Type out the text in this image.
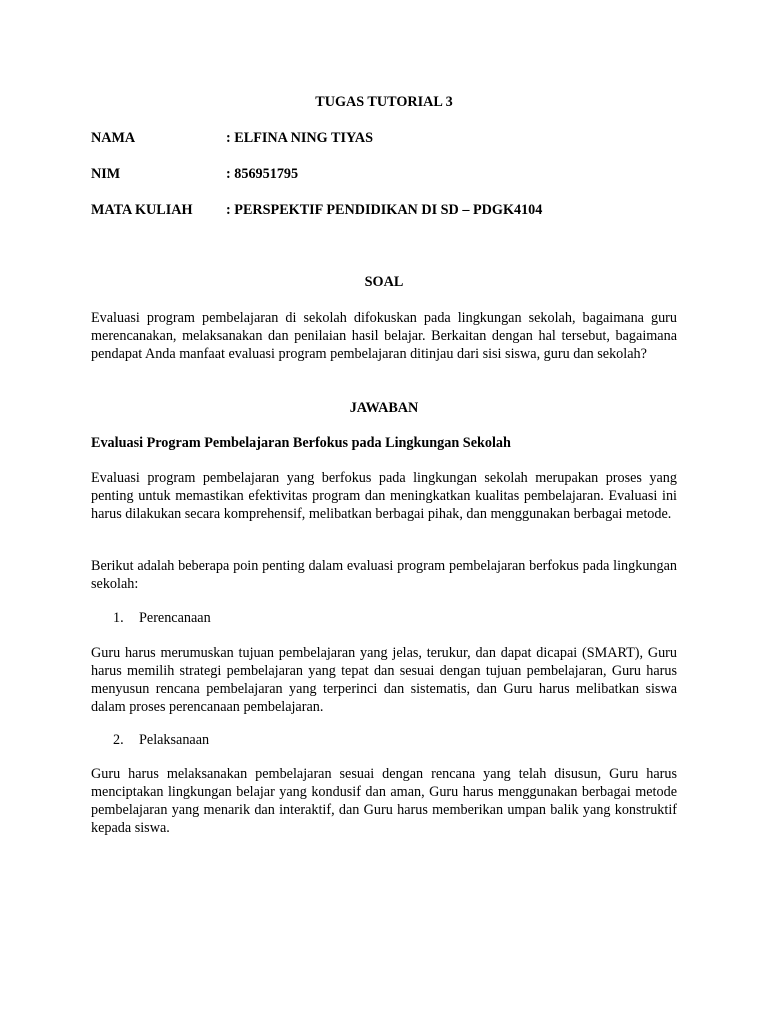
TUGAS TUTORIAL 3
NAMA	: ELFINA NING TIYAS
NIM	: 856951795
MATA KULIAH : PERSPEKTIF PENDIDIKAN DI SD – PDGK4104
SOAL
Evaluasi program pembelajaran di sekolah difokuskan pada lingkungan sekolah, bagaimana guru merencanakan, melaksanakan dan penilaian hasil belajar. Berkaitan dengan hal tersebut, bagaimana pendapat Anda manfaat evaluasi program pembelajaran ditinjau dari sisi siswa, guru dan sekolah?
JAWABAN
Evaluasi Program Pembelajaran Berfokus pada Lingkungan Sekolah
Evaluasi program pembelajaran yang berfokus pada lingkungan sekolah merupakan proses yang penting untuk memastikan efektivitas program dan meningkatkan kualitas pembelajaran. Evaluasi ini harus dilakukan secara komprehensif, melibatkan berbagai pihak, dan menggunakan berbagai metode.
Berikut adalah beberapa poin penting dalam evaluasi program pembelajaran berfokus pada lingkungan sekolah:
1. Perencanaan
Guru harus merumuskan tujuan pembelajaran yang jelas, terukur, dan dapat dicapai (SMART), Guru harus memilih strategi pembelajaran yang tepat dan sesuai dengan tujuan pembelajaran, Guru harus menyusun rencana pembelajaran yang terperinci dan sistematis, dan Guru harus melibatkan siswa dalam proses perencanaan pembelajaran.
2. Pelaksanaan
Guru harus melaksanakan pembelajaran sesuai dengan rencana yang telah disusun, Guru harus menciptakan lingkungan belajar yang kondusif dan aman, Guru harus menggunakan berbagai metode pembelajaran yang menarik dan interaktif, dan Guru harus memberikan umpan balik yang konstruktif kepada siswa.
